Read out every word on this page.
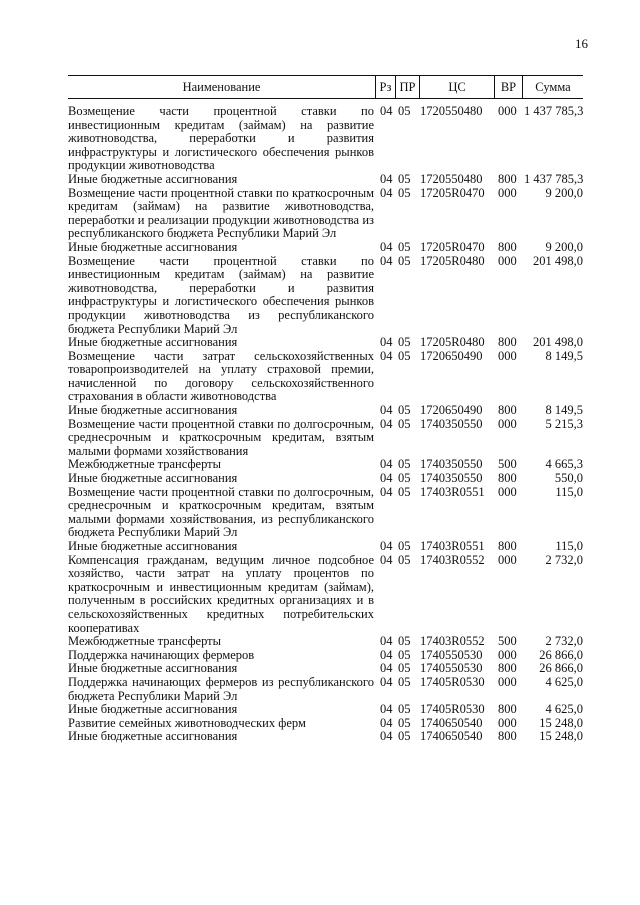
16
Наименование	Рз ПР	ЦС	ВР	Сумма
Возмещение части процентной ставки по инвестиционным кредитам (займам) на развитие животноводства, переработки и развития инфраструктуры и логистического обеспечения рынков продукции животноводства
04 05 1720550480	000 1 437 785,3
Иные бюджетные ассигнования	04 05 1720550480	800 1 437 785,3
Возмещение части процентной ставки по краткосрочным кредитам (займам) на развитие животноводства, переработки и реализации продукции животноводства из республиканского бюджета Республики Марий Эл
04 05 17205R0470	000	9 200,0
Иные бюджетные ассигнования	04 05 17205R0470	800	9 200,0
Возмещение части процентной ставки по инвестиционным кредитам (займам) на развитие животноводства, переработки и развития инфраструктуры и логистического обеспечения рынков продукции животноводства из республиканского бюджета Республики Марий Эл
04 05 17205R0480	000	201 498,0
Иные бюджетные ассигнования	04 05 17205R0480	800	201 498,0
Возмещение части затрат сельскохозяйственных товаропроизводителей на уплату страховой премии, начисленной по договору сельскохозяйственного страхования в области животноводства
04 05 1720650490	000	8 149,5
Иные бюджетные ассигнования	04 05 1720650490	800	8 149,5
Возмещение части процентной ставки по долгосрочным, среднесрочным и краткосрочным кредитам, взятым малыми формами хозяйствования
04 05 1740350550	000	5 215,3
Межбюджетные трансферты	04 05 1740350550	500	4 665,3
Иные бюджетные ассигнования	04 05 1740350550	800	550,0
Возмещение части процентной ставки по долгосрочным, среднесрочным и краткосрочным кредитам, взятым малыми формами хозяйствования, из республиканского бюджета Республики Марий Эл
04 05 17403R0551	000	115,0
Иные бюджетные ассигнования	04 05 17403R0551	800	115,0
Компенсация гражданам, ведущим личное подсобное хозяйство, части затрат на уплату процентов по краткосрочным и инвестиционным кредитам (займам), полученным в российских кредитных организациях и в сельскохозяйственных кредитных потребительских кооперативах
04 05 17403R0552	000	2 732,0
Межбюджетные трансферты	04 05 17403R0552	500	2 732,0
Поддержка начинающих фермеров	04 05 1740550530	000	26 866,0
Иные бюджетные ассигнования	04 05 1740550530	800	26 866,0
Поддержка начинающих фермеров из республиканского бюджета Республики Марий Эл
04 05 17405R0530	000	4 625,0
Иные бюджетные ассигнования	04 05 17405R0530	800	4 625,0
Развитие семейных животноводческих ферм	04 05 1740650540	000	15 248,0
Иные бюджетные ассигнования	04 05 1740650540	800	15 248,0
